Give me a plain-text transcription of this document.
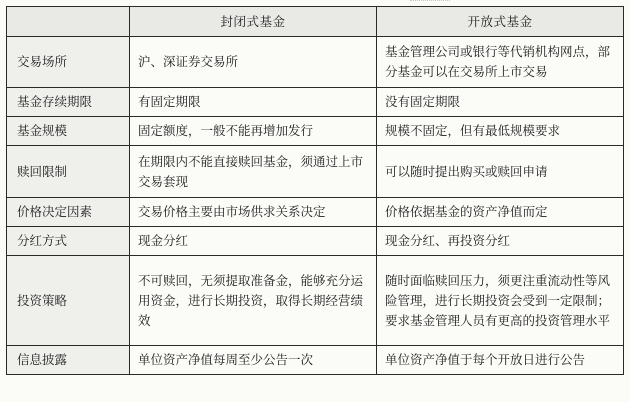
	封闭式基金	开放式基金
交易场所	沪、深证券交易所	基金管理公司或银行等代销机构网点，部分基金可以在交易所上市交易

基金存续期限	有固定期限	没有固定期限

基金规模	固定额度，一般不能再增加发行	规模不固定，但有最低规模要求

赎回限制	在期限内不能直接赎回基金，须通过上市交易套现	可以随时提出购买或赎回申请

价格决定因素	交易价格主要由市场供求关系决定	价格依据基金的资产净值而定

分红方式	现金分红	现金分红、再投资分红

投资策略	不可赎回，无须提取准备金，能够充分运用资金，进行长期投资，取得长期经营绩效	随时面临赎回压力，须更注重流动性等风险管理，进行长期投资会受到一定限制；要求基金管理人员有更高的投资管理水平

信息披露	单位资产净值每周至少公告一次	单位资产净值于每个开放日进行公告
